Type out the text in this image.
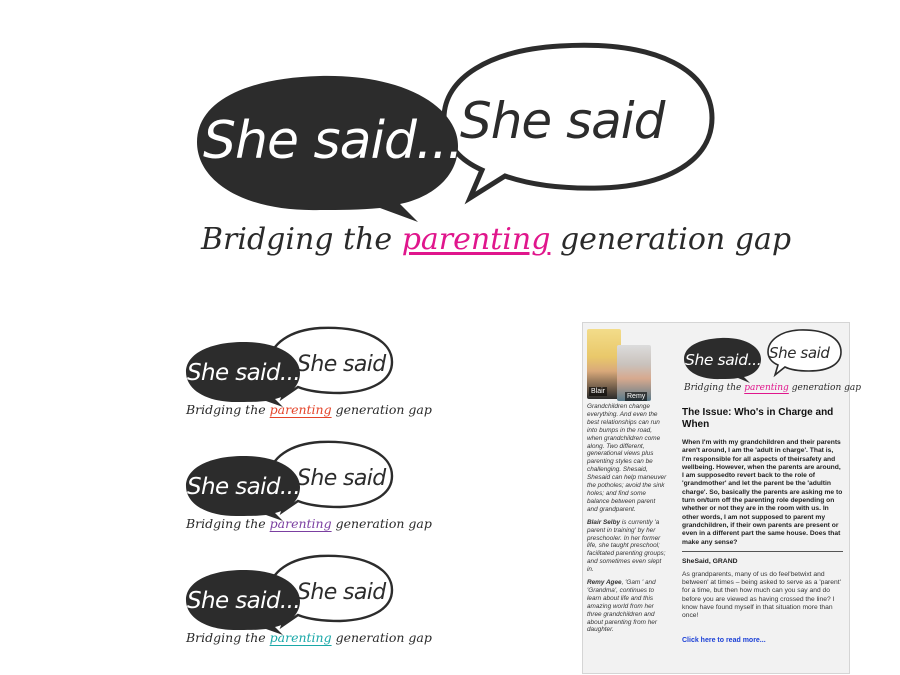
She said...
She said
Bridging the parenting generation gap
She said...
She said
Bridging the parenting generation gap
She said...
She said
Bridging the parenting generation gap
She said...
She said
Bridging the parenting generation gap
Blair
Remy
She said... She said
Bridging the parenting generation gap

Grandchildren change everything. And even the best relationships can run into bumps in the road, when grandchildren come along. Two different, generational views plus parenting styles can be challenging. Shesaid, Shesaid can help maneuver the potholes; avoid the sink holes; and find some balance between parent and grandparent.

Blair Selby is currently 'a parent in training' by her preschooler. In her former life, she taught preschool; facilitated parenting groups; and sometimes even slept in.

Remy Agee, 'Gam ' and 'Grandma', continues to learn about life and this amazing world from her three grandchildren and about parenting from her daughter.

The Issue: Who's in Charge and When

When I'm with my grandchildren and their parents aren't around, I am the 'adult in charge'. That is, I'm responsible for all aspects of theirsafety and wellbeing. However, when the parents are around, I am supposedto revert back to the role of 'grandmother' and let the parent be the 'adultin charge'. So, basically the parents are asking me to turn on/turn off the parenting role depending on whether or not they are in the room with us. In other words, I am not supposed to parent my grandchildren, if their own parents are present or even in a different part the same house. Does that make any sense?

SheSaid, GRAND

As grandparents, many of us do feel'betwixt and between' at times – being asked to serve as a 'parent' for a time, but then how much can you say and do before you are viewed as having crossed the line? I know have found myself in that situation more than once!

Click here to read more...
